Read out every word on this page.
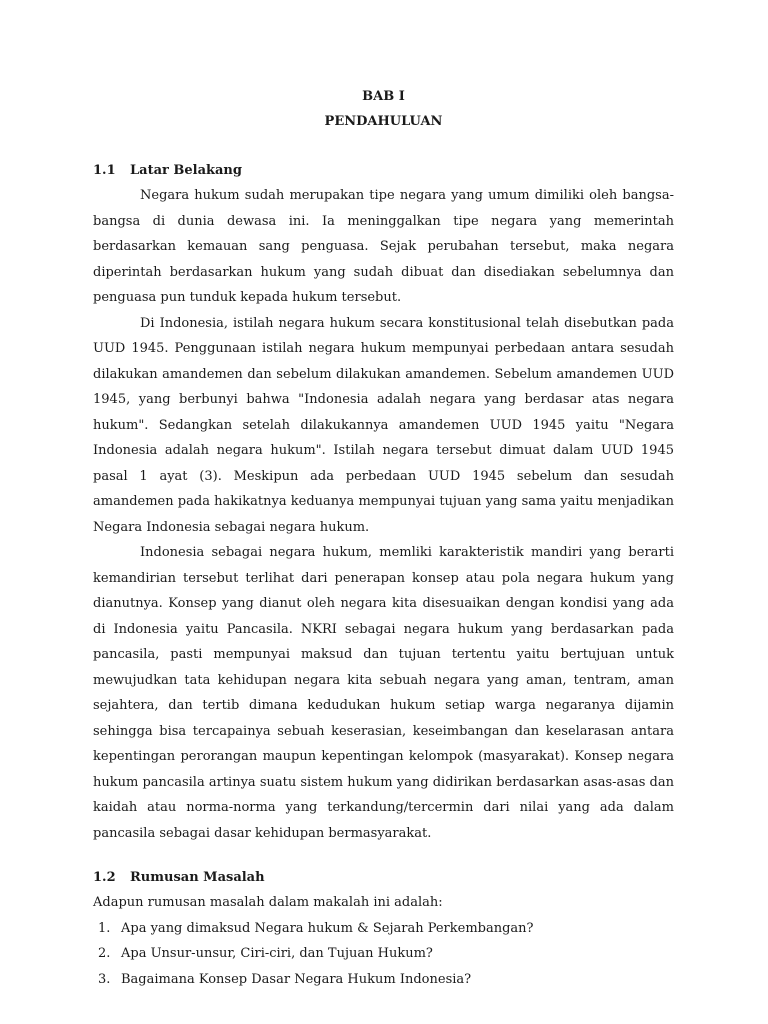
BAB I
PENDAHULUAN
1.1	Latar Belakang

Negara hukum sudah merupakan tipe negara yang umum dimiliki oleh bangsa-bangsa di dunia dewasa ini. Ia meninggalkan tipe negara yang memerintah berdasarkan kemauan sang penguasa. Sejak perubahan tersebut, maka negara diperintah berdasarkan hukum yang sudah dibuat dan disediakan sebelumnya dan penguasa pun tunduk kepada hukum tersebut.

Di Indonesia, istilah negara hukum secara konstitusional telah disebutkan pada UUD 1945. Penggunaan istilah negara hukum mempunyai perbedaan antara sesudah dilakukan amandemen dan sebelum dilakukan amandemen. Sebelum amandemen UUD 1945, yang berbunyi bahwa "Indonesia adalah negara yang berdasar atas negara hukum". Sedangkan setelah dilakukannya amandemen UUD 1945 yaitu "Negara Indonesia adalah negara hukum". Istilah negara tersebut dimuat dalam UUD 1945 pasal 1 ayat (3). Meskipun ada perbedaan UUD 1945 sebelum dan sesudah amandemen pada hakikatnya keduanya mempunyai tujuan yang sama yaitu menjadikan Negara Indonesia sebagai negara hukum.

Indonesia sebagai negara hukum, memliki karakteristik mandiri yang berarti kemandirian tersebut terlihat dari penerapan konsep atau pola negara hukum yang dianutnya. Konsep yang dianut oleh negara kita disesuaikan dengan kondisi yang ada di Indonesia yaitu Pancasila. NKRI sebagai negara hukum yang berdasarkan pada pancasila, pasti mempunyai maksud dan tujuan tertentu yaitu bertujuan untuk mewujudkan tata kehidupan negara kita sebuah negara yang aman, tentram, aman sejahtera, dan tertib dimana kedudukan hukum setiap warga negaranya dijamin sehingga bisa tercapainya sebuah keserasian, keseimbangan dan keselarasan antara kepentingan perorangan maupun kepentingan kelompok (masyarakat). Konsep negara hukum pancasila artinya suatu sistem hukum yang didirikan berdasarkan asas-asas dan kaidah atau norma-norma yang terkandung/tercermin dari nilai yang ada dalam pancasila sebagai dasar kehidupan bermasyarakat.

1.2	Rumusan Masalah

Adapun rumusan masalah dalam makalah ini adalah:

1. Apa yang dimaksud Negara hukum & Sejarah Perkembangan?
2. Apa Unsur-unsur, Ciri-ciri, dan Tujuan Hukum?
3. Bagaimana Konsep Dasar Negara Hukum Indonesia?
